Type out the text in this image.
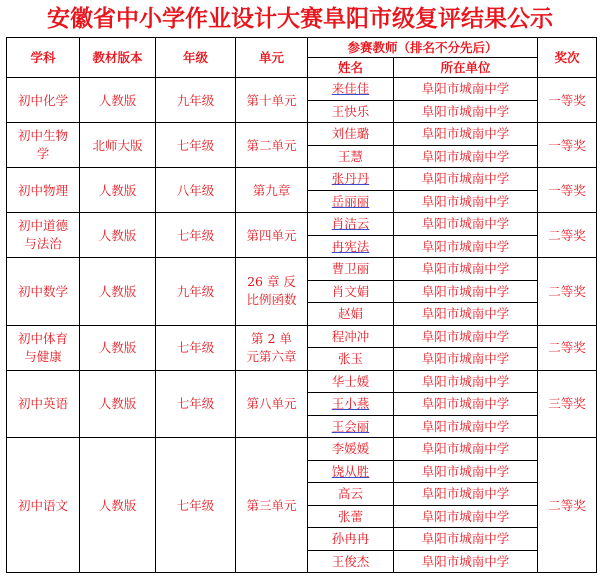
安徽省中小学作业设计大赛阜阳市级复评结果公示
学科	教材版本	年级	单元	参赛教师（排名不分先后）		奖次
				姓名	所在单位	
初中化学	人教版	九年级	第十单元	来佳佳	阜阳市城南中学	一等奖
				王快乐	阜阳市城南中学	
初中生物学	北师大版	七年级	第二单元	刘佳璐	阜阳市城南中学	一等奖
				王慧	阜阳市城南中学	
初中物理	人教版	八年级	第九章	张丹丹	阜阳市城南中学	一等奖
				岳丽丽	阜阳市城南中学	
初中道德与法治	人教版	七年级	第四单元	肖洁云	阜阳市城南中学	二等奖
				冉宪法	阜阳市城南中学	
初中数学	人教版	九年级	26 章 反比例函数	曹卫丽	阜阳市城南中学	二等奖
				肖文娟	阜阳市城南中学	
				赵娟	阜阳市城南中学	
初中体育与健康	人教版	七年级	第 2 单元第六章	程冲冲	阜阳市城南中学	二等奖
				张玉	阜阳市城南中学	
初中英语	人教版	七年级	第八单元	华士媛	阜阳市城南中学	三等奖
				王小燕	阜阳市城南中学	
				王会丽	阜阳市城南中学	
初中语文	人教版	七年级	第三单元	李媛媛	阜阳市城南中学	二等奖
				饶从胜	阜阳市城南中学	
				高云	阜阳市城南中学	
				张蕾	阜阳市城南中学	
				孙冉冉	阜阳市城南中学	
				王俊杰	阜阳市城南中学	
